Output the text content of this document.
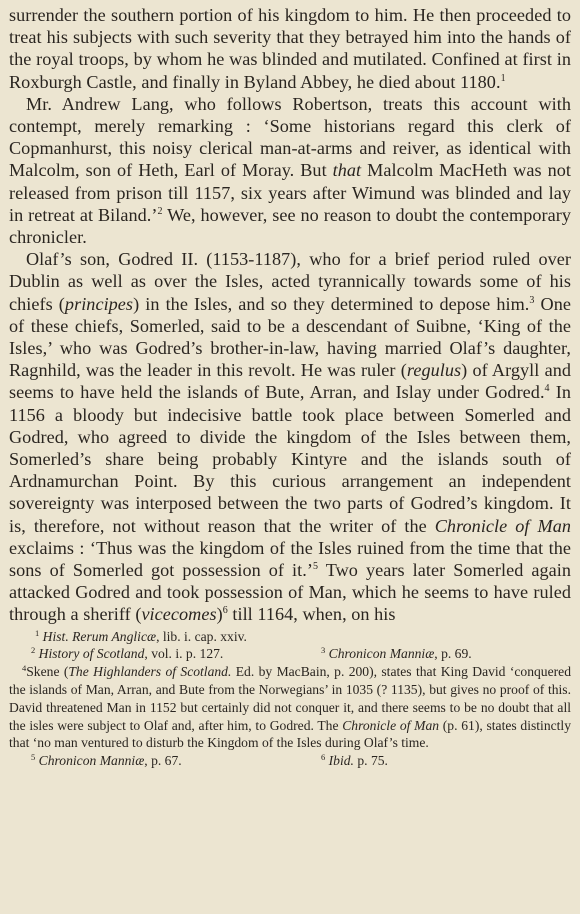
surrender the southern portion of his kingdom to him. He then proceeded to treat his subjects with such severity that they betrayed him into the hands of the royal troops, by whom he was blinded and mutilated. Confined at first in Roxburgh Castle, and finally in Byland Abbey, he died about 1180.$^1$

Mr. Andrew Lang, who follows Robertson, treats this account with contempt, merely remarking : ‘Some historians regard this clerk of Copmanhurst, this noisy clerical man-at-arms and reiver, as identical with Malcolm, son of Heth, Earl of Moray. But that Malcolm MacHeth was not released from prison till 1157, six years after Wimund was blinded and lay in retreat at Biland.’$^2$ We, however, see no reason to doubt the contemporary chronicler.

Olaf’s son, Godred II. (1153-1187), who for a brief period ruled over Dublin as well as over the Isles, acted tyrannically towards some of his chiefs (principes) in the Isles, and so they determined to depose him.$^3$ One of these chiefs, Somerled, said to be a descendant of Suibne, ‘King of the Isles,’ who was Godred’s brother-in-law, having married Olaf’s daughter, Ragnhild, was the leader in this revolt. He was ruler (regulus) of Argyll and seems to have held the islands of Bute, Arran, and Islay under Godred.$^4$ In 1156 a bloody but indecisive battle took place between Somerled and Godred, who agreed to divide the kingdom of the Isles between them, Somerled’s share being probably Kintyre and the islands south of Ardnamurchan Point. By this curious arrangement an independent sovereignty was interposed between the two parts of Godred’s kingdom. It is, therefore, not without reason that the writer of the Chronicle of Man exclaims : ‘Thus was the kingdom of the Isles ruined from the time that the sons of Somerled got possession of it.’$^5$ Two years later Somerled again attacked Godred and took possession of Man, which he seems to have ruled through a sheriff (vicecomes)$^6$ till 1164, when, on his

$^1$ Hist. Rerum Anglicæ, lib. i. cap. xxiv.

$^2$ History of Scotland, vol. i. p. 127.	$^3$ Chronicon Manniæ, p. 69.

$^4$Skene (The Highlanders of Scotland. Ed. by MacBain, p. 200), states that King David ‘conquered the islands of Man, Arran, and Bute from the Norwegians’ in 1035 (? 1135), but gives no proof of this. David threatened Man in 1152 but certainly did not conquer it, and there seems to be no doubt that all the isles were subject to Olaf and, after him, to Godred. The Chronicle of Man (p. 61), states distinctly that ‘no man ventured to disturb the Kingdom of the Isles during Olaf’s time.

$^5$ Chronicon Manniæ, p. 67.	$^6$ Ibid. p. 75.
